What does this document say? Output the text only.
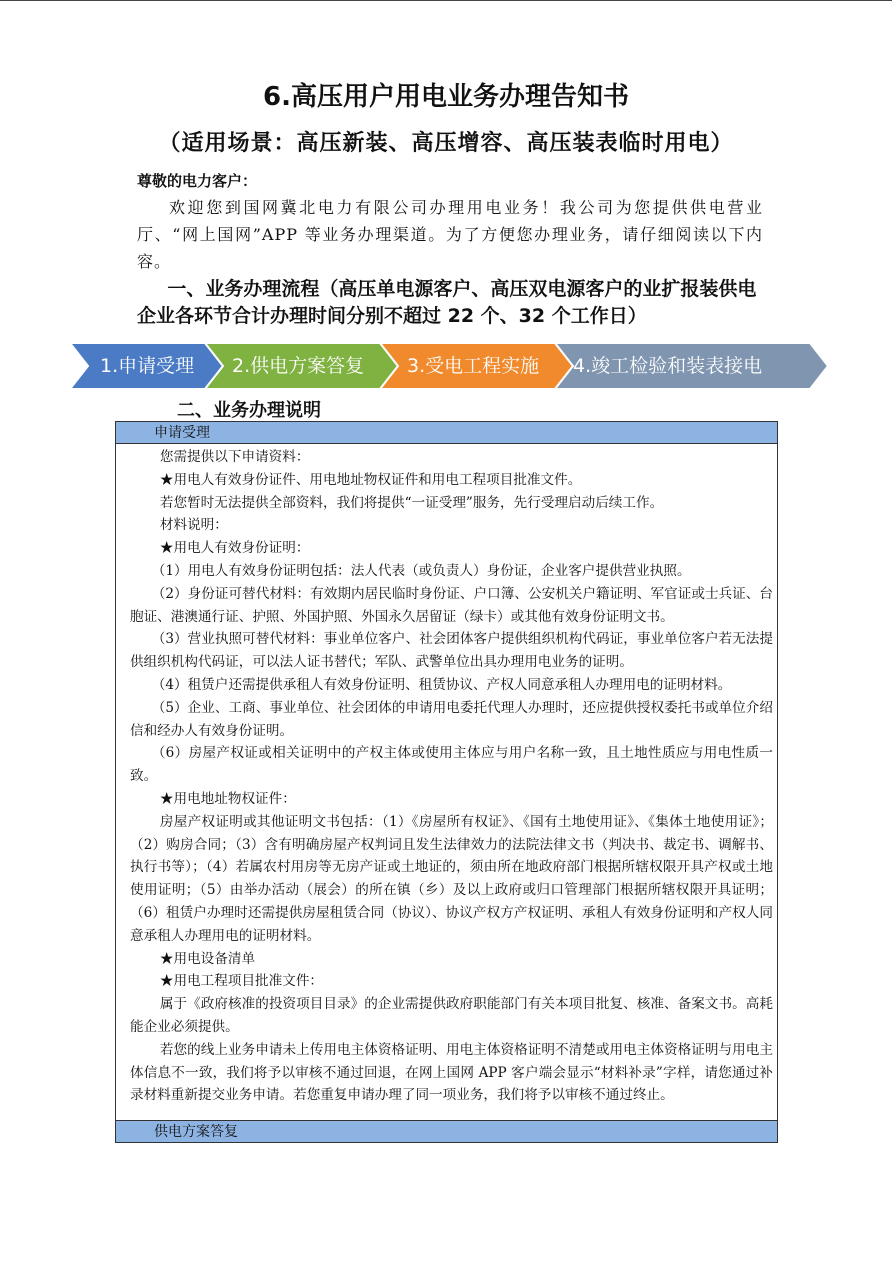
6.高压用户用电业务办理告知书
（适用场景：高压新装、高压增容、高压装表临时用电）
尊敬的电力客户：
欢迎您到国网冀北电力有限公司办理用电业务！我公司为您提供供电营业厅、“网上国网”APP 等业务办理渠道。为了方便您办理业务，请仔细阅读以下内容。
一、业务办理流程（高压单电源客户、高压双电源客户的业扩报装供电企业各环节合计办理时间分别不超过 22 个、32 个工作日）
1.申请受理 2.供电方案答复 3.受电工程实施 4.竣工检验和装表接电
二、业务办理说明
申请受理

您需提供以下申请资料：

★用电人有效身份证件、用电地址物权证件和用电工程项目批准文件。

若您暂时无法提供全部资料，我们将提供“一证受理”服务，先行受理启动后续工作。

材料说明：

★用电人有效身份证明：

（1）用电人有效身份证明包括：法人代表（或负责人）身份证，企业客户提供营业执照。

（2）身份证可替代材料：有效期内居民临时身份证、户口簿、公安机关户籍证明、军官证或士兵证、台胞证、港澳通行证、护照、外国护照、外国永久居留证（绿卡）或其他有效身份证明文书。

（3）营业执照可替代材料：事业单位客户、社会团体客户提供组织机构代码证，事业单位客户若无法提供组织机构代码证，可以法人证书替代；军队、武警单位出具办理用电业务的证明。

（4）租赁户还需提供承租人有效身份证明、租赁协议、产权人同意承租人办理用电的证明材料。

（5）企业、工商、事业单位、社会团体的申请用电委托代理人办理时，还应提供授权委托书或单位介绍信和经办人有效身份证明。

（6）房屋产权证或相关证明中的产权主体或使用主体应与用户名称一致，且土地性质应与用电性质一致。

★用电地址物权证件：

房屋产权证明或其他证明文书包括：（1）《房屋所有权证》、《国有土地使用证》、《集体土地使用证》；（2）购房合同；（3）含有明确房屋产权判词且发生法律效力的法院法律文书（判决书、裁定书、调解书、执行书等）；（4）若属农村用房等无房产证或土地证的，须由所在地政府部门根据所辖权限开具产权或土地使用证明；（5）由举办活动（展会）的所在镇（乡）及以上政府或归口管理部门根据所辖权限开具证明；（6）租赁户办理时还需提供房屋租赁合同（协议）、协议产权方产权证明、承租人有效身份证明和产权人同意承租人办理用电的证明材料。

★用电设备清单

★用电工程项目批准文件：

属于《政府核准的投资项目目录》的企业需提供政府职能部门有关本项目批复、核准、备案文书。高耗能企业必须提供。

若您的线上业务申请未上传用电主体资格证明、用电主体资格证明不清楚或用电主体资格证明与用电主体信息不一致，我们将予以审核不通过回退，在网上国网 APP 客户端会显示“材料补录”字样，请您通过补录材料重新提交业务申请。若您重复申请办理了同一项业务，我们将予以审核不通过终止。

供电方案答复
